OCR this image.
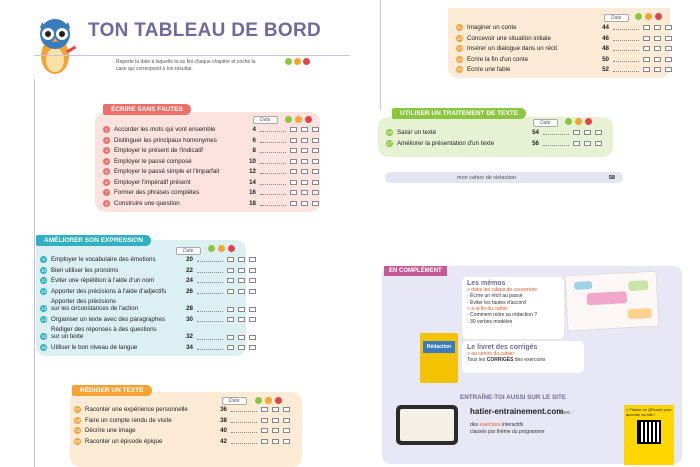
TON TABLEAU DE BORD
Reporte la date à laquelle tu as fini chaque chapitre et coche la case qui correspond à ton résultat.
ÉCRIRE SANS FAUTES
Date
1	Accorder les mots qui vont ensemble	4
2	Distinguer les principaux homonymes	6
3	Employer le présent de l'indicatif	8
4	Employer le passé composé	10
5	Employer le passé simple et l'imparfait	12
6	Employer l'impératif présent	14
7	Former des phrases complètes	16
8	Construire une question	18
AMÉLIORER SON EXPRESSION
Date
9	Employer le vocabulaire des émotions	20
10 Bien utiliser les pronoms	22
11 Éviter une répétition à l'aide d'un nom	24
12 Apporter des précisions à l'aide d'adjectifs	26
13
Apporter des précisions
sur les circonstances de l'action	28
14 Organiser un texte avec des paragraphes	30
15
Rédiger des réponses à des questions
sur un texte	32
16 Utiliser le bon niveau de langue	34
RÉDIGER UN TEXTE
Date
17 Raconter une expérience personnelle	36
18 Faire un compte rendu de visite	38
19 Décrire une image	40
20 Raconter un épisode épique	42
Date
21 Imaginer un conte	44
22 Concevoir une situation initiale	46
23 Insérer un dialogue dans un récit	48
24 Écrire la fin d'un conte	50
25 Écrire une fable	52
UTILISER UN TRAITEMENT DE TEXTE
Date
26 Saisir un texte	54
27 Améliorer la présentation d'un texte	56
mon cahier de rédaction	58
EN COMPLÉMENT
Les mémos
> dans les rabats de couverture
· Écrire un récit au passé
· Éviter les fautes d'accord
> à la fin du cahier
· Comment relire sa rédaction ?
· 30 verbes modèles
Rédaction	Le livret des corrigés
> au centre du cahier
Tous les CORRIGÉS des exercices
ENTRAÎNE-TOI AUSSI SUR LE SITE
hatier-entrainement.com
avec :
des exercices interactifs
classés par thème du programme
> Flashe ce QRcode pour accéder au site !
